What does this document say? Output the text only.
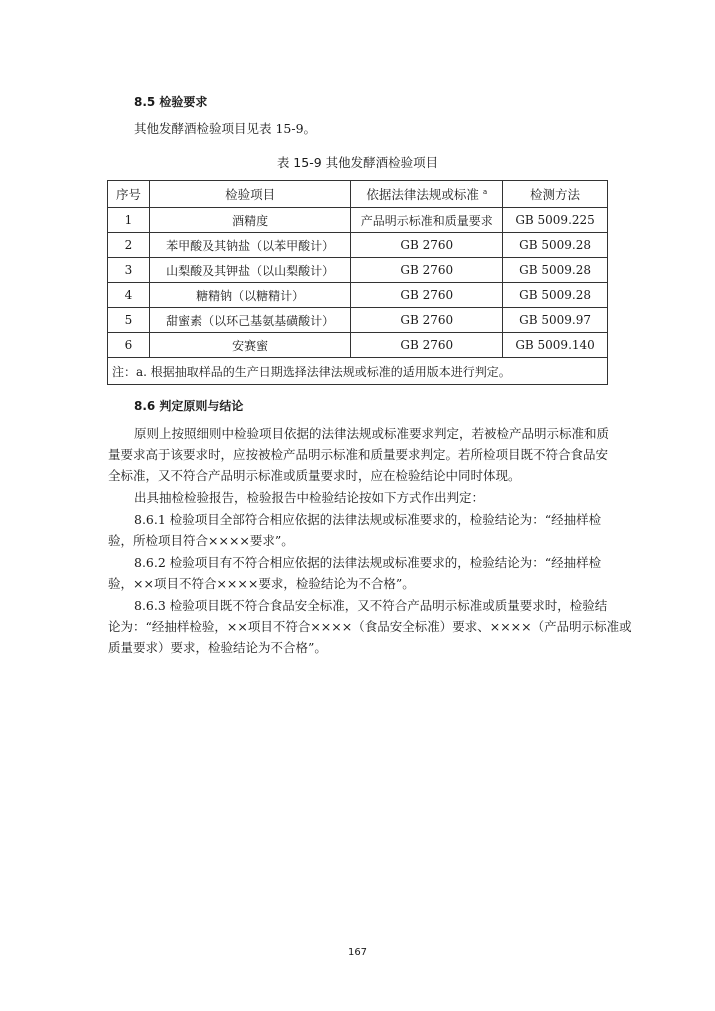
8.5 检验要求
其他发酵酒检验项目见表 15-9。
表 15-9 其他发酵酒检验项目
序号	检验项目	依据法律法规或标准 $^a$	检测方法
1	酒精度	产品明示标准和质量要求	GB 5009.225
2	苯甲酸及其钠盐（以苯甲酸计）	GB 2760	GB 5009.28
3	山梨酸及其钾盐（以山梨酸计）	GB 2760	GB 5009.28
4	糖精钠（以糖精计）	GB 2760	GB 5009.28
5	甜蜜素（以环己基氨基磺酸计）	GB 2760	GB 5009.97
6	安赛蜜	GB 2760	GB 5009.140
注：a. 根据抽取样品的生产日期选择法律法规或标准的适用版本进行判定。			
8.6 判定原则与结论
原则上按照细则中检验项目依据的法律法规或标准要求判定，若被检产品明示标准和质
量要求高于该要求时，应按被检产品明示标准和质量要求判定。若所检项目既不符合食品安
全标准，又不符合产品明示标准或质量要求时，应在检验结论中同时体现。
出具抽检检验报告，检验报告中检验结论按如下方式作出判定：
8.6.1 检验项目全部符合相应依据的法律法规或标准要求的，检验结论为：“经抽样检
验，所检项目符合××××要求”。
8.6.2 检验项目有不符合相应依据的法律法规或标准要求的，检验结论为：“经抽样检
验，××项目不符合××××要求，检验结论为不合格”。
8.6.3 检验项目既不符合食品安全标准，又不符合产品明示标准或质量要求时，检验结
论为：“经抽样检验，××项目不符合××××（食品安全标准）要求、××××（产品明示标准或
质量要求）要求，检验结论为不合格”。
167
